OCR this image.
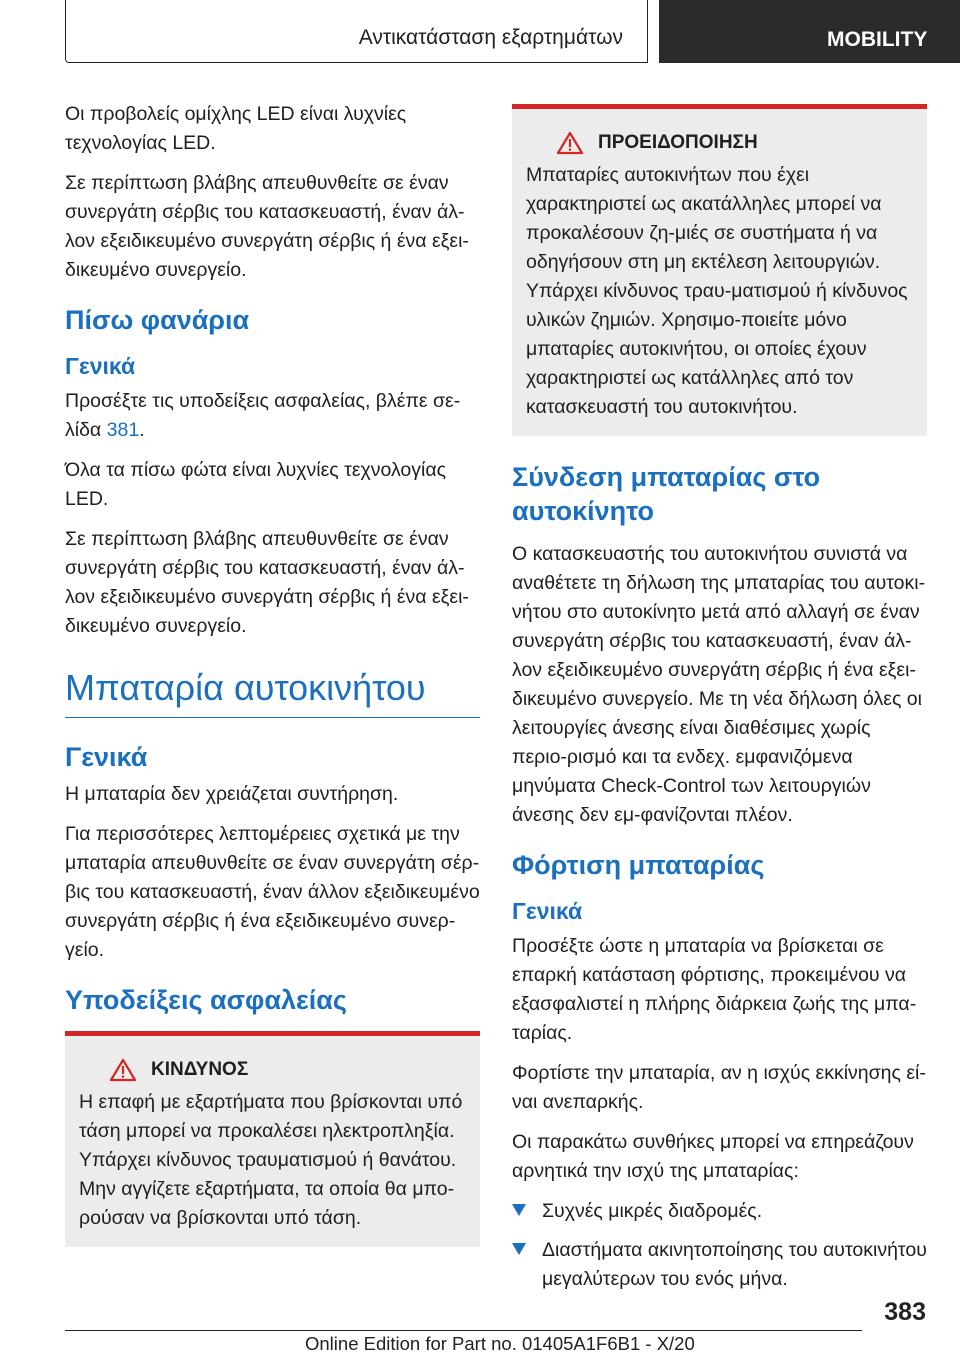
Αντικατάσταση εξαρτημάτων	MOBILITY

Οι προβολείς ομίχλης LED είναι λυχνίες τεχνολογίας LED.

Σε περίπτωση βλάβης απευθυνθείτε σε έναν συνεργάτη σέρβις του κατασκευαστή, έναν άλ-λον εξειδικευμένο συνεργάτη σέρβις ή ένα εξει-δικευμένο συνεργείο.

Πίσω φανάρια
Γενικά

Προσέξτε τις υποδείξεις ασφαλείας, βλέπε σε-λίδα 381.

Όλα τα πίσω φώτα είναι λυχνίες τεχνολογίας LED.

Σε περίπτωση βλάβης απευθυνθείτε σε έναν συνεργάτη σέρβις του κατασκευαστή, έναν άλ-λον εξειδικευμένο συνεργάτη σέρβις ή ένα εξει-δικευμένο συνεργείο.

Μπαταρία αυτοκινήτου
Γενικά

Η μπαταρία δεν χρειάζεται συντήρηση.

Για περισσότερες λεπτομέρειες σχετικά με την μπαταρία απευθυνθείτε σε έναν συνεργάτη σέρ-βις του κατασκευαστή, έναν άλλον εξειδικευμένο συνεργάτη σέρβις ή ένα εξειδικευμένο συνερ-γείο.

Υποδείξεις ασφαλείας
ΚΙΝΔΥΝΟΣ

Η επαφή με εξαρτήματα που βρίσκονται υπό τάση μπορεί να προκαλέσει ηλεκτροπληξία. Υπάρχει κίνδυνος τραυματισμού ή θανάτου. Μην αγγίζετε εξαρτήματα, τα οποία θα μπο-ρούσαν να βρίσκονται υπό τάση.

ΠΡΟΕΙΔΟΠΟΙΗΣΗ

Μπαταρίες αυτοκινήτων που έχει χαρακτηριστεί ως ακατάλληλες μπορεί να προκαλέσουν ζη-μιές σε συστήματα ή να οδηγήσουν στη μη εκτέλεση λειτουργιών. Υπάρχει κίνδυνος τραυ-ματισμού ή κίνδυνος υλικών ζημιών. Χρησιμο-ποιείτε μόνο μπαταρίες αυτοκινήτου, οι οποίες έχουν χαρακτηριστεί ως κατάλληλες από τον κατασκευαστή του αυτοκινήτου.

Σύνδεση μπαταρίας στο αυτοκίνητο

Ο κατασκευαστής του αυτοκινήτου συνιστά να αναθέτετε τη δήλωση της μπαταρίας του αυτοκι-νήτου στο αυτοκίνητο μετά από αλλαγή σε έναν συνεργάτη σέρβις του κατασκευαστή, έναν άλ-λον εξειδικευμένο συνεργάτη σέρβις ή ένα εξει-δικευμένο συνεργείο. Με τη νέα δήλωση όλες οι λειτουργίες άνεσης είναι διαθέσιμες χωρίς περιο-ρισμό και τα ενδεχ. εμφανιζόμενα μηνύματα Check-Control των λειτουργιών άνεσης δεν εμ-φανίζονται πλέον.

Φόρτιση μπαταρίας
Γενικά

Προσέξτε ώστε η μπαταρία να βρίσκεται σε επαρκή κατάσταση φόρτισης, προκειμένου να εξασφαλιστεί η πλήρης διάρκεια ζωής της μπα-ταρίας.

Φορτίστε την μπαταρία, αν η ισχύς εκκίνησης εί-ναι ανεπαρκής.

Οι παρακάτω συνθήκες μπορεί να επηρεάζουν αρνητικά την ισχύ της μπαταρίας:

Συχνές μικρές διαδρομές.
Διαστήματα ακινητοποίησης του αυτοκινήτου μεγαλύτερων του ενός μήνα.
383
Online Edition for Part no. 01405A1F6B1 - X/20
